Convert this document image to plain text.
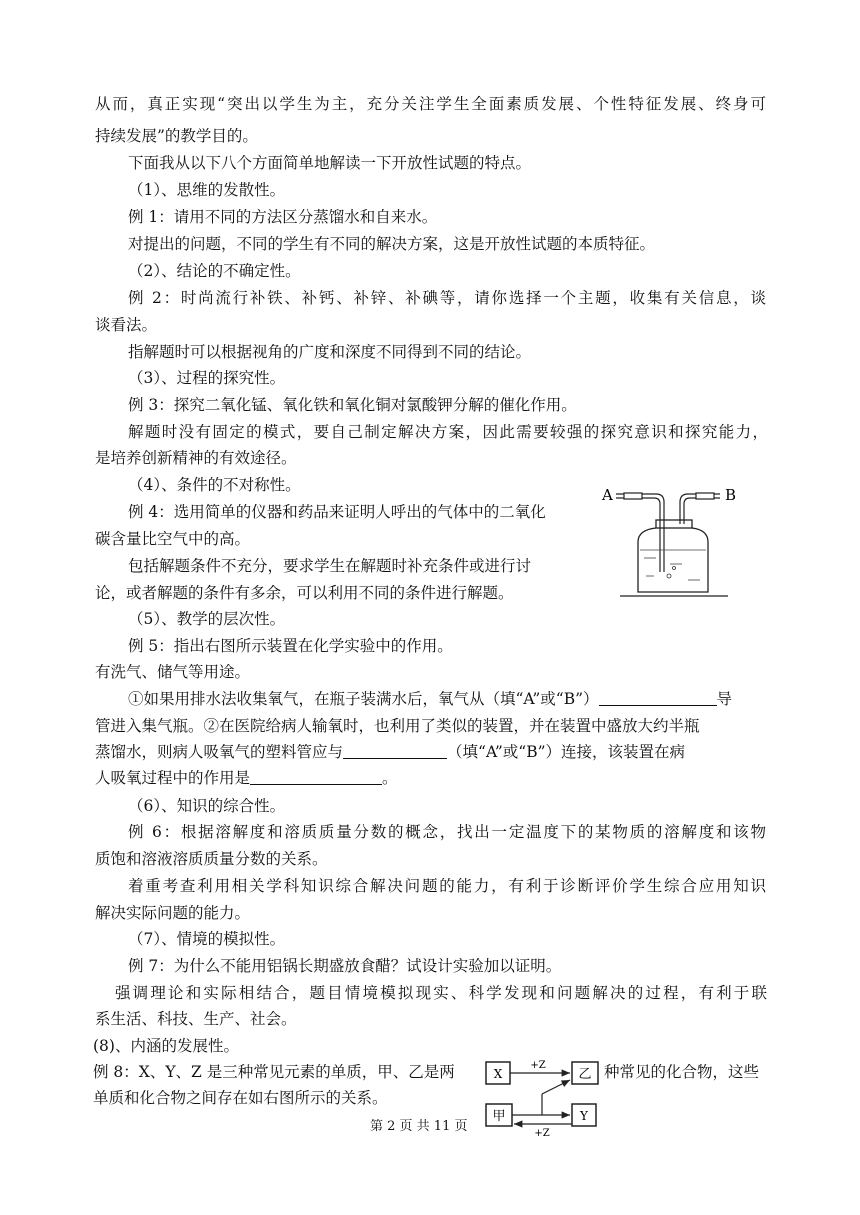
从而，真正实现“突出以学生为主，充分关注学生全面素质发展、个性特征发展、终身可
持续发展”的教学目的。
下面我从以下八个方面简单地解读一下开放性试题的特点。
（1）、思维的发散性。
例 1：请用不同的方法区分蒸馏水和自来水。
对提出的问题，不同的学生有不同的解决方案，这是开放性试题的本质特征。
（2）、结论的不确定性。
例 2：时尚流行补铁、补钙、补锌、补碘等，请你选择一个主题，收集有关信息，谈
谈看法。
指解题时可以根据视角的广度和深度不同得到不同的结论。
（3）、过程的探究性。
例 3：探究二氧化锰、氧化铁和氧化铜对氯酸钾分解的催化作用。
解题时没有固定的模式，要自己制定解决方案，因此需要较强的探究意识和探究能力，
是培养创新精神的有效途径。
（4）、条件的不对称性。
例 4：选用简单的仪器和药品来证明人呼出的气体中的二氧化
碳含量比空气中的高。
包括解题条件不充分，要求学生在解题时补充条件或进行讨
论，或者解题的条件有多余，可以利用不同的条件进行解题。
（5）、教学的层次性。
例 5：指出右图所示装置在化学实验中的作用。
有洗气、储气等用途。
①如果用排水法收集氧气，在瓶子装满水后，氧气从（填“A”或“B”）	导
管进入集气瓶。②在医院给病人输氧时，也利用了类似的装置，并在装置中盛放大约半瓶
蒸馏水，则病人吸氧气的塑料管应与	（填“A”或“B”）连接，该装置在病
人吸氧过程中的作用是	。
（6）、知识的综合性。
例 6：根据溶解度和溶质质量分数的概念，找出一定温度下的某物质的溶解度和该物
质饱和溶液溶质质量分数的关系。
着重考查利用相关学科知识综合解决问题的能力，有利于诊断评价学生综合应用知识
解决实际问题的能力。
（7）、情境的模拟性。
例 7：为什么不能用铝锅长期盛放食醋？试设计实验加以证明。
强调理论和实际相结合，题目情境模拟现实、科学发现和问题解决的过程，有利于联
系生活、科技、生产、社会。
(8)、内涵的发展性。
例 8：X、Y、Z 是三种常见元素的单质，甲、乙是两	种常见的化合物，这些
单质和化合物之间存在如右图所示的关系。
A	B
X	乙
甲	Y
+Z
+Z
第 2 页 共 11 页
